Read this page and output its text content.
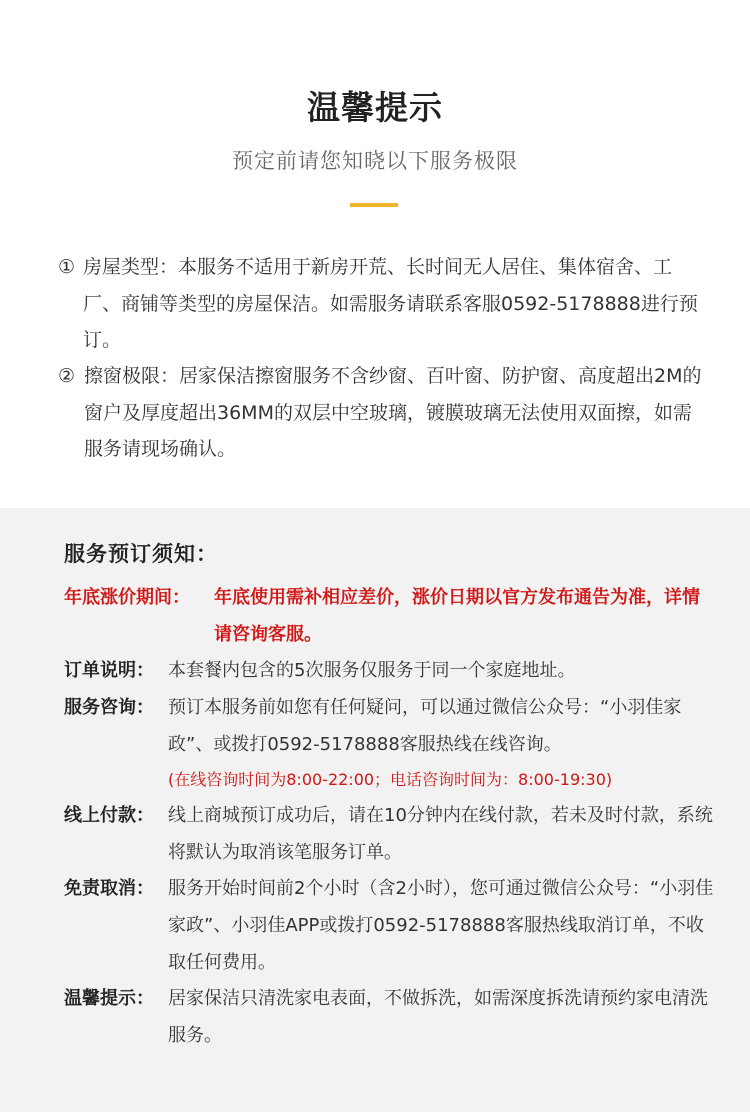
温馨提示

预定前请您知晓以下服务极限

① 房屋类型：本服务不适用于新房开荒、长时间无人居住、集体宿舍、工厂、商铺等类型的房屋保洁。如需服务请联系客服0592-5178888进行预订。
② 擦窗极限：居家保洁擦窗服务不含纱窗、百叶窗、防护窗、高度超出2M的窗户及厚度超出36MM的双层中空玻璃，镀膜玻璃无法使用双面擦，如需服务请现场确认。
服务预订须知：
年底涨价期间：	年底使用需补相应差价，涨价日期以官方发布通告为准，详情请咨询客服。
订单说明： 本套餐内包含的5次服务仅服务于同一个家庭地址。
服务咨询： 预订本服务前如您有任何疑问，可以通过微信公众号：“小羽佳家政”、或拨打0592-5178888客服热线在线咨询。
(在线咨询时间为8:00-22:00；电话咨询时间为：8:00-19:30)
线上付款： 线上商城预订成功后，请在10分钟内在线付款，若未及时付款，系统将默认为取消该笔服务订单。
免责取消： 服务开始时间前2个小时（含2小时），您可通过微信公众号：“小羽佳家政”、小羽佳APP或拨打0592-5178888客服热线取消订单，不收取任何费用。
温馨提示： 居家保洁只清洗家电表面，不做拆洗，如需深度拆洗请预约家电清洗服务。
